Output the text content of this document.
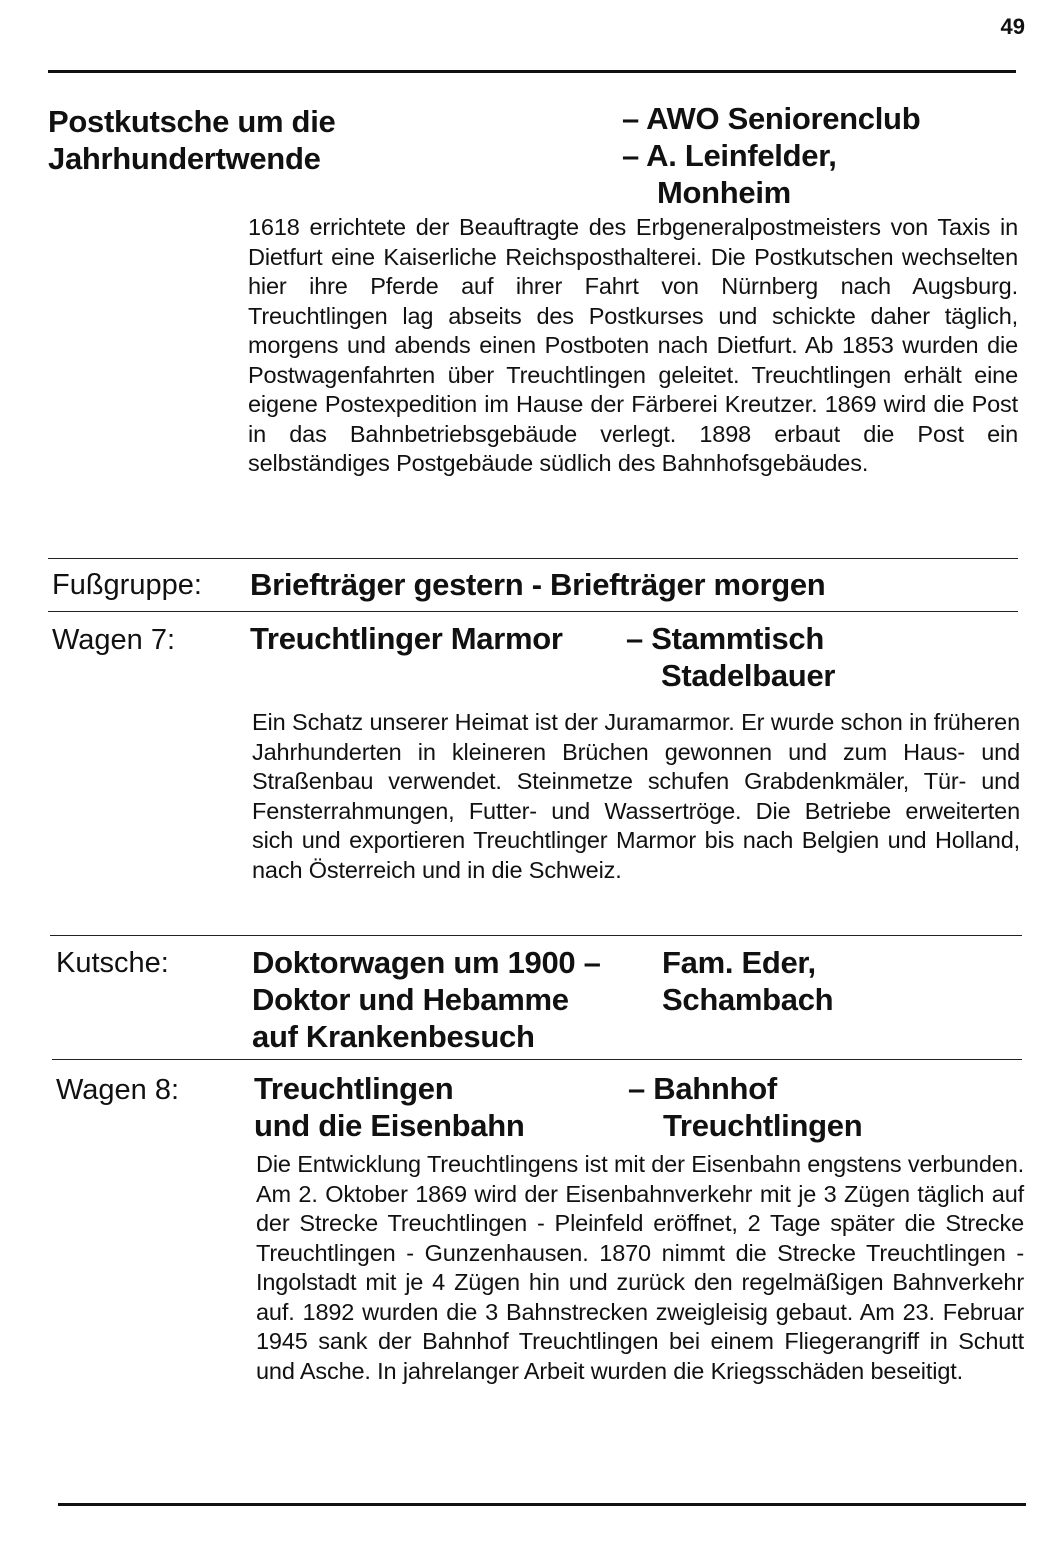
49
Postkutsche um die
Jahrhundertwende
– AWO Seniorenclub
– A. Leinfelder,
Monheim
1618 errichtete der Beauftragte des Erbgeneralpostmeisters von Taxis in Dietfurt eine Kaiserliche Reichsposthalterei. Die Postkutschen wechselten hier ihre Pferde auf ihrer Fahrt von Nürnberg nach Augsburg. Treuchtlingen lag abseits des Postkurses und schickte daher täglich, morgens und abends einen Postboten nach Dietfurt. Ab 1853 wurden die Postwagenfahrten über Treuchtlingen geleitet. Treuchtlingen erhält eine eigene Postexpedition im Hause der Färberei Kreutzer. 1869 wird die Post in das Bahnbetriebsgebäude verlegt. 1898 erbaut die Post ein selbständiges Postgebäude südlich des Bahnhofsgebäudes.
Fußgruppe: Briefträger gestern - Briefträger morgen
Wagen 7: Treuchtlinger Marmor – Stammtisch
Stadelbauer
Ein Schatz unserer Heimat ist der Juramarmor. Er wurde schon in früheren Jahrhunderten in kleineren Brüchen gewonnen und zum Haus- und Straßenbau verwendet. Steinmetze schufen Grabdenkmäler, Tür- und Fensterrahmungen, Futter- und Wassertröge. Die Betriebe erweiterten sich und exportieren Treuchtlinger Marmor bis nach Belgien und Holland, nach Österreich und in die Schweiz.
Kutsche:	Doktorwagen um 1900 –
Doktor und Hebamme
auf Krankenbesuch
Fam. Eder,
Schambach
Wagen 8: Treuchtlingen
und die Eisenbahn
– Bahnhof
Treuchtlingen
Die Entwicklung Treuchtlingens ist mit der Eisenbahn engstens verbunden. Am 2. Oktober 1869 wird der Eisenbahnverkehr mit je 3 Zügen täglich auf der Strecke Treuchtlingen - Pleinfeld eröffnet, 2 Tage später die Strecke Treuchtlingen - Gunzenhausen. 1870 nimmt die Strecke Treuchtlingen - Ingolstadt mit je 4 Zügen hin und zurück den regelmäßigen Bahnverkehr auf. 1892 wurden die 3 Bahnstrecken zweigleisig gebaut. Am 23. Februar 1945 sank der Bahnhof Treuchtlingen bei einem Fliegerangriff in Schutt und Asche. In jahrelanger Arbeit wurden die Kriegsschäden beseitigt.
